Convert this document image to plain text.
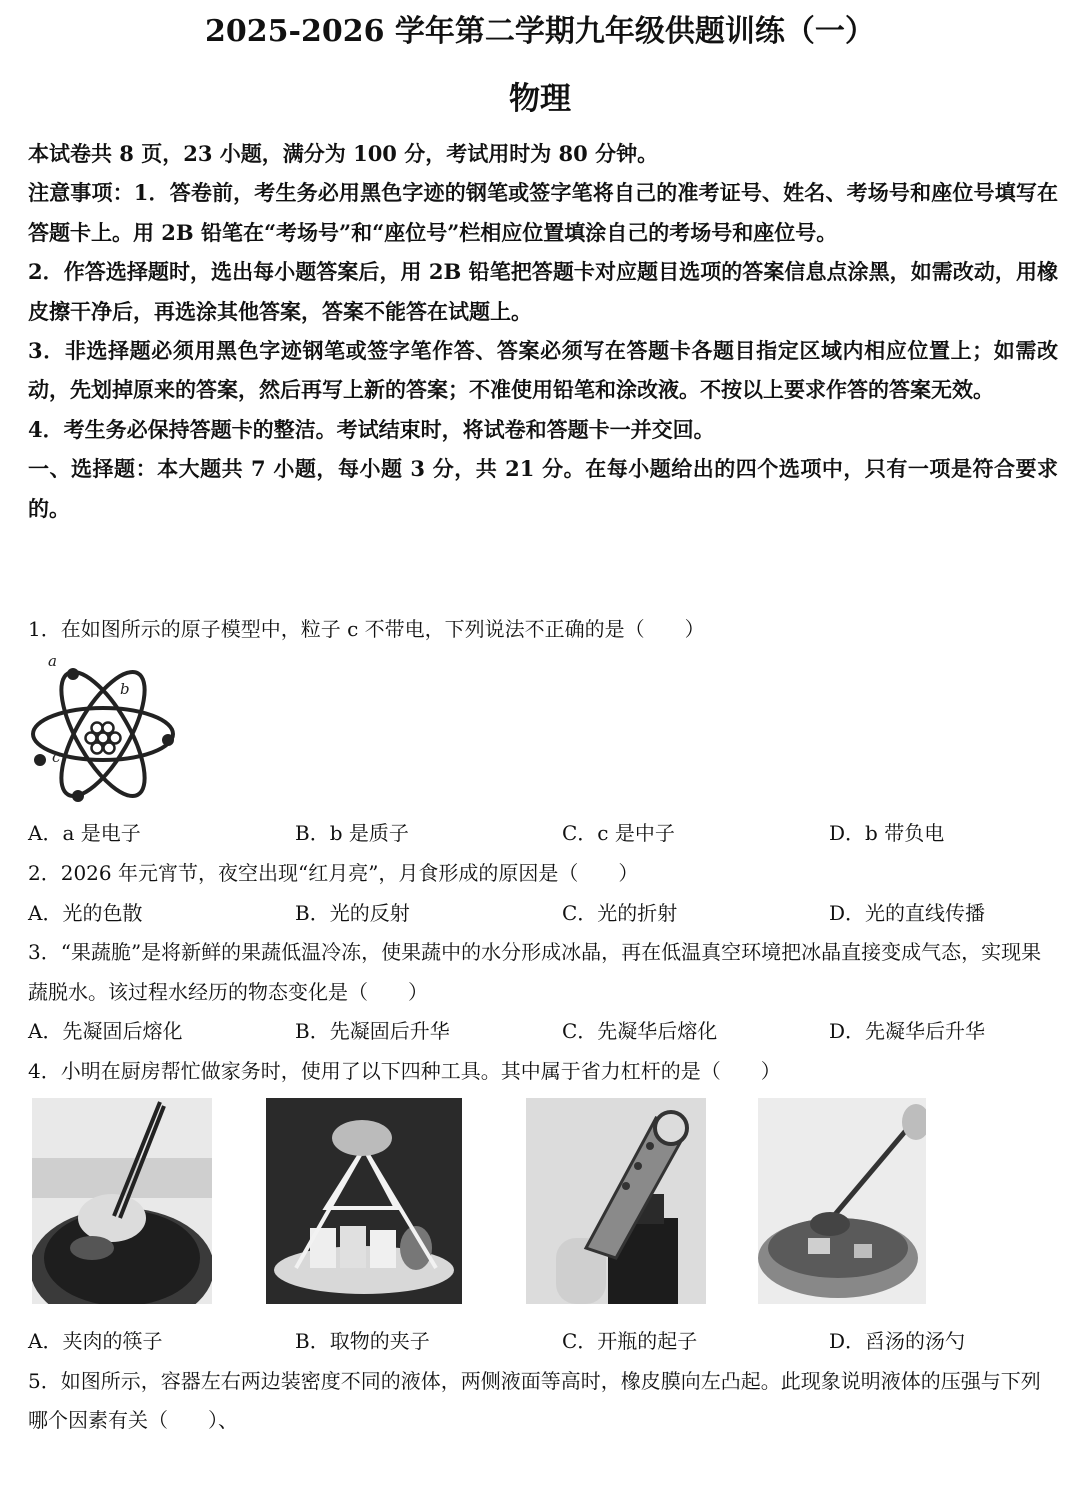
2025-2026 学年第二学期九年级供题训练（一）
物理

本试卷共 8 页，23 小题，满分为 100 分，考试用时为 80 分钟。

注意事项：1．答卷前，考生务必用黑色字迹的钢笔或签字笔将自己的准考证号、姓名、考场号和座位号填写在答题卡上。用 2B 铅笔在“考场号”和“座位号”栏相应位置填涂自己的考场号和座位号。

2．作答选择题时，选出每小题答案后，用 2B 铅笔把答题卡对应题目选项的答案信息点涂黑，如需改动，用橡皮擦干净后，再选涂其他答案，答案不能答在试题上。

3．非选择题必须用黑色字迹钢笔或签字笔作答、答案必须写在答题卡各题目指定区域内相应位置上；如需改动，先划掉原来的答案，然后再写上新的答案；不准使用铅笔和涂改液。不按以上要求作答的答案无效。

4．考生务必保持答题卡的整洁。考试结束时，将试卷和答题卡一并交回。

一、选择题：本大题共 7 小题，每小题 3 分，共 21 分。在每小题给出的四个选项中，只有一项是符合要求的。

1．在如图所示的原子模型中，粒子 c 不带电，下列说法不正确的是（　　）

a
b
c
A．a 是电子	B．b 是质子	C．c 是中子	D．b 带负电

2．2026 年元宵节，夜空出现“红月亮”，月食形成的原因是（　　）

A．光的色散	B．光的反射	C．光的折射	D．光的直线传播

3．“果蔬脆”是将新鲜的果蔬低温冷冻，使果蔬中的水分形成冰晶，再在低温真空环境把冰晶直接变成气态，实现果蔬脱水。该过程水经历的物态变化是（　　）

A．先凝固后熔化	B．先凝固后升华	C．先凝华后熔化	D．先凝华后升华

4．小明在厨房帮忙做家务时，使用了以下四种工具。其中属于省力杠杆的是（　　）

A．夹肉的筷子	B．取物的夹子	C．开瓶的起子	D．舀汤的汤勺

5．如图所示，容器左右两边装密度不同的液体，两侧液面等高时，橡皮膜向左凸起。此现象说明液体的压强与下列哪个因素有关（　　）、
